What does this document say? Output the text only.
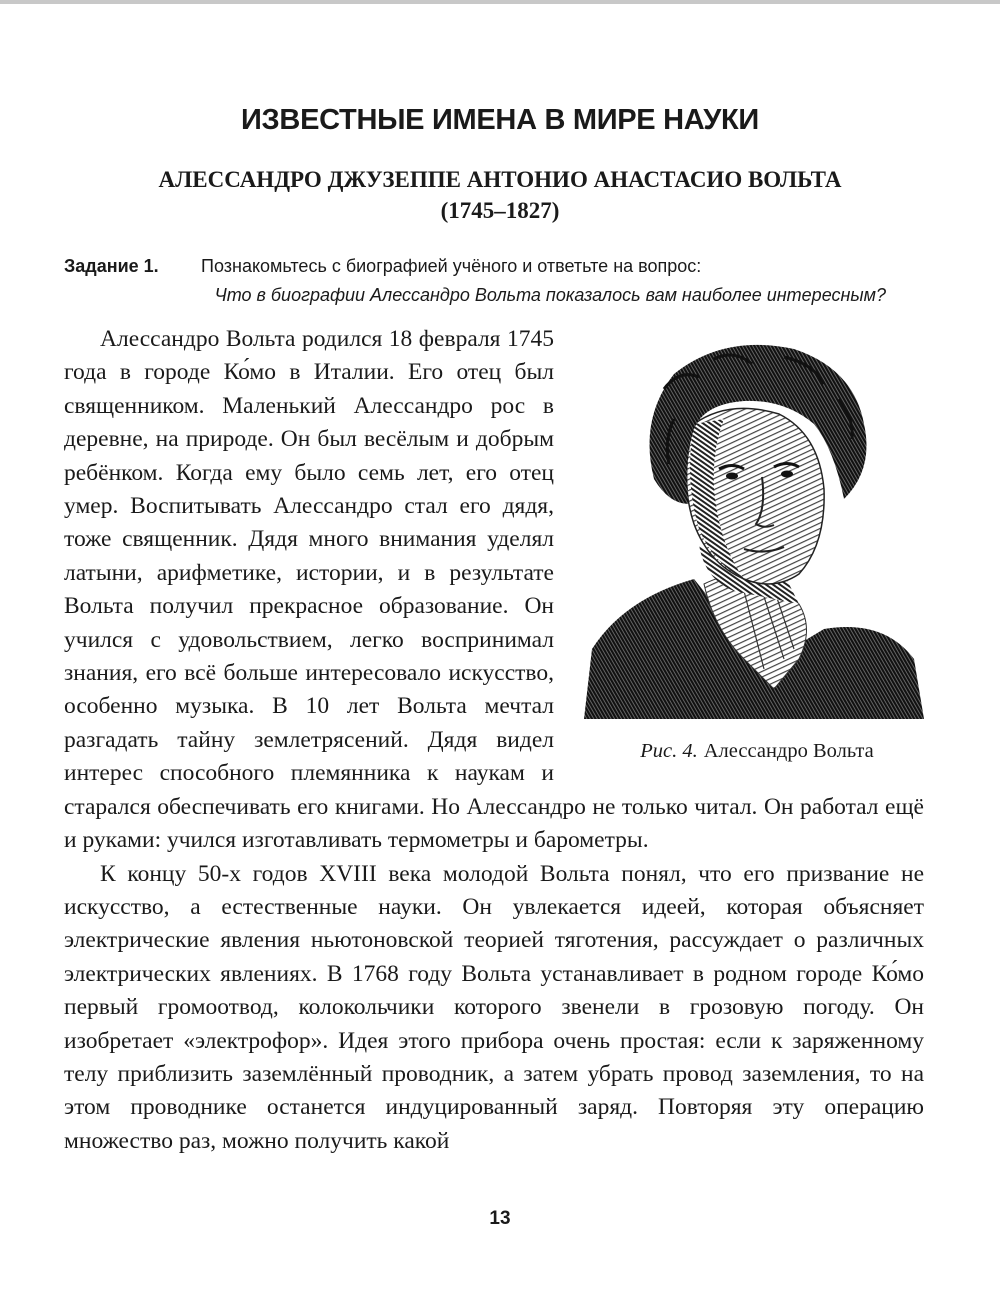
ИЗВЕСТНЫЕ ИМЕНА В МИРЕ НАУКИ
АЛЕССАНДРО ДЖУЗЕППЕ АНТОНИО АНАСТАСИО ВОЛЬТА
(1745–1827)
Задание 1. Познакомьтесь с биографией учёного и ответьте на вопрос:
Что в биографии Алессандро Вольта показалось вам наиболее интересным?
Рис. 4. Алессандро Вольта

Алессандро Вольта родился 18 февраля 1745 года в городе Ко́мо в Италии. Его отец был священником. Маленький Алессандро рос в деревне, на природе. Он был весёлым и добрым ребёнком. Когда ему было семь лет, его отец умер. Воспитывать Алессандро стал его дядя, тоже священник. Дядя много внимания уделял латыни, арифметике, истории, и в результате Вольта получил прекрасное образование. Он учился с удовольствием, легко воспринимал знания, его всё больше интересовало искусство, особенно музыка. В 10 лет Вольта мечтал разгадать тайну землетрясений. Дядя видел интерес способного племянника к наукам и старался обеспечивать его книгами. Но Алессандро не только читал. Он работал ещё и руками: учился изготавливать термометры и барометры.

К концу 50-х годов XVIII века молодой Вольта понял, что его призвание не искусство, а естественные науки. Он увлекается идеей, которая объясняет электрические явления ньютоновской теорией тяготения, рассуждает о различных электрических явлениях. В 1768 году Вольта устанавливает в родном городе Ко́мо первый громоотвод, колокольчики которого звенели в грозовую погоду. Он изобретает «электрофор». Идея этого прибора очень простая: если к заряженному телу приблизить заземлённый проводник, а затем убрать провод заземления, то на этом проводнике останется индуцированный заряд. Повторяя эту операцию множество раз, можно получить какой

13
